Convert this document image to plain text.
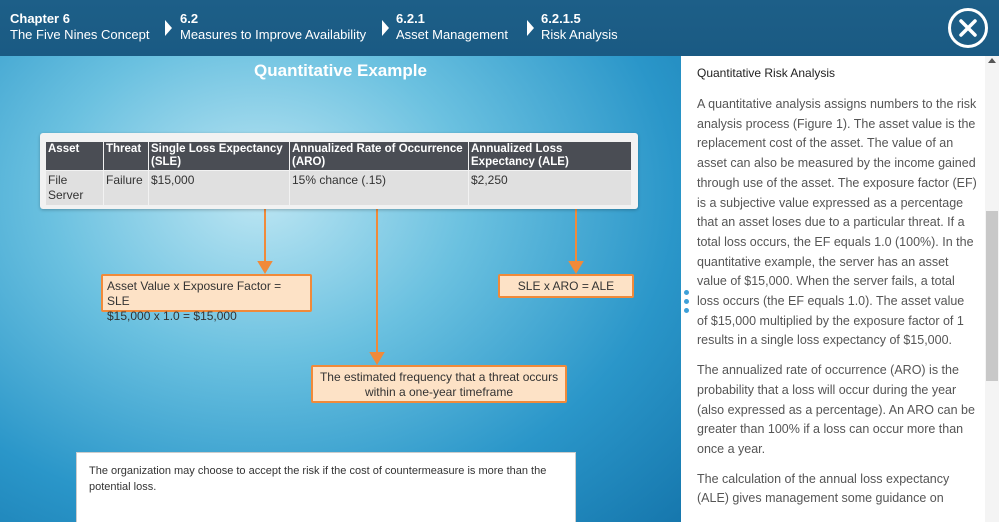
Chapter 6
The Five Nines Concept
6.2
Measures to Improve Availability
6.2.1
Asset Management
6.2.1.5
Risk Analysis
Quantitative Example
Asset	Threat	Single Loss Expectancy (SLE)	Annualized Rate of Occurrence (ARO)	Annualized Loss Expectancy (ALE)
File Server	Failure	$15,000	15% chance (.15)	$2,250
Asset Value x Exposure Factor = SLE
$15,000 x 1.0 = $15,000
SLE x ARO = ALE
The estimated frequency that a threat occurs within a one-year timeframe
The organization may choose to accept the risk if the cost of countermeasure is more than the potential loss.
Quantitative Risk Analysis

A quantitative analysis assigns numbers to the risk analysis process (Figure 1). The asset value is the replacement cost of the asset. The value of an asset can also be measured by the income gained through use of the asset. The exposure factor (EF) is a subjective value expressed as a percentage that an asset loses due to a particular threat. If a total loss occurs, the EF equals 1.0 (100%). In the quantitative example, the server has an asset value of $15,000. When the server fails, a total loss occurs (the EF equals 1.0). The asset value of $15,000 multiplied by the exposure factor of 1 results in a single loss expectancy of $15,000.

The annualized rate of occurrence (ARO) is the probability that a loss will occur during the year (also expressed as a percentage). An ARO can be greater than 100% if a loss can occur more than once a year.

The calculation of the annual loss expectancy (ALE) gives management some guidance on
